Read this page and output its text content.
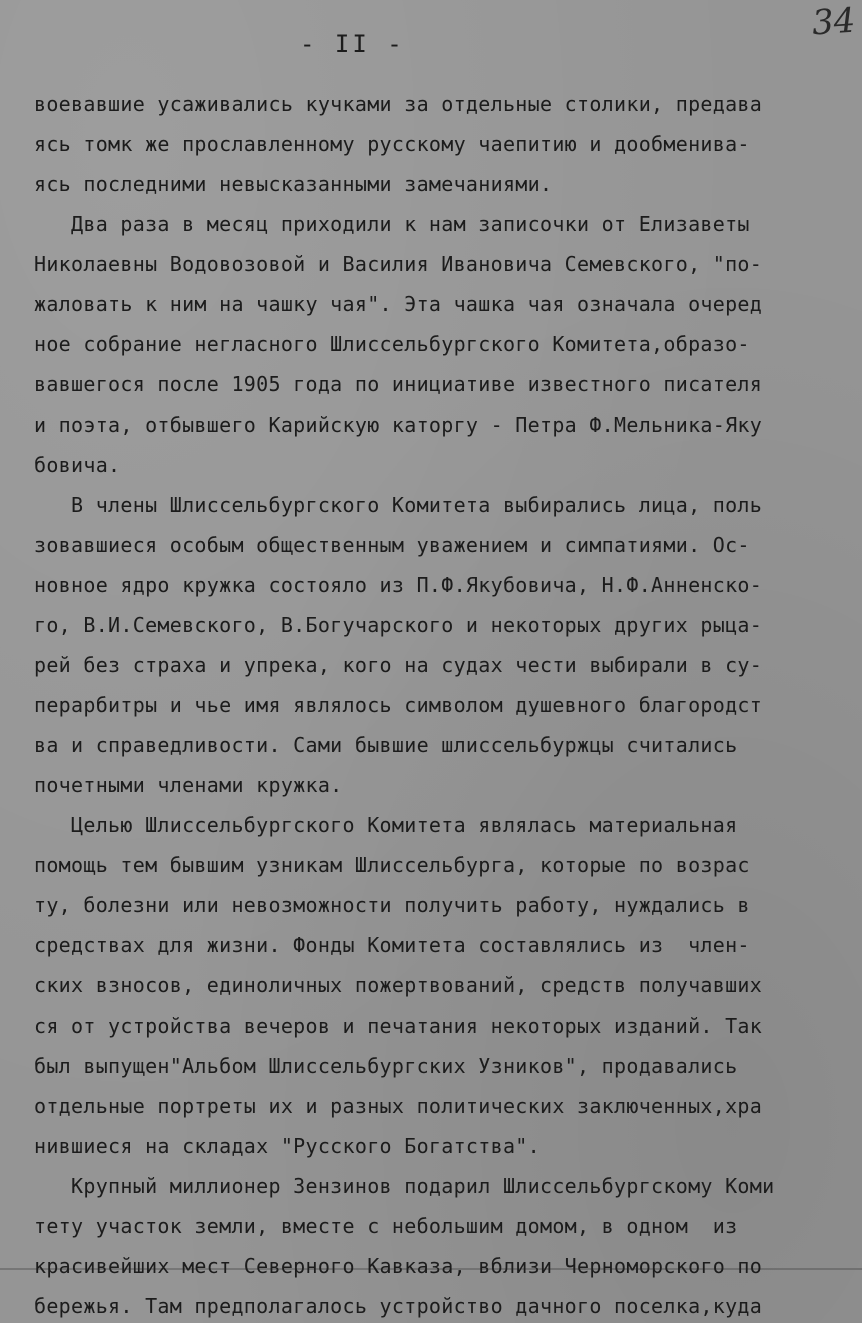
34
- II -
воевавшие усаживались кучками за отдельные столики, предава
ясь томк же прославленному русскому чаепитию и дообменива-
ясь последними невысказанными замечаниями.
Два раза в месяц приходили к нам записочки от Елизаветы
Николаевны Водовозовой и Василия Ивановича Семевского, "по-
жаловать к ним на чашку чая". Эта чашка чая означала очеред
ное собрание негласного Шлиссельбургского Комитета,образо-
вавшегося после 1905 года по инициативе известного писателя
и поэта, отбывшего Карийскую каторгу - Петра Ф.Мельника-Яку
бовича.
В члены Шлиссельбургского Комитета выбирались лица, поль
зовавшиеся особым общественным уважением и симпатиями. Ос-
новное ядро кружка состояло из П.Ф.Якубовича, Н.Ф.Анненско-
го, В.И.Семевского, В.Богучарского и некоторых других рыца-
рей без страха и упрека, кого на судах чести выбирали в су-
перарбитры и чье имя являлось символом душевного благородст
ва и справедливости. Сами бывшие шлиссельбуржцы считались
почетными членами кружка.
Целью Шлиссельбургского Комитета являлась материальная
помощь тем бывшим узникам Шлиссельбурга, которые по возрас
ту, болезни или невозможности получить работу, нуждались в
средствах для жизни. Фонды Комитета составлялись из  член-
ских взносов, единоличных пожертвований, средств получавших
ся от устройства вечеров и печатания некоторых изданий. Так
был выпущен"Альбом Шлиссельбургских Узников", продавались
отдельные портреты их и разных политических заключенных,хра
нившиеся на складах "Русского Богатства".
Крупный миллионер Зензинов подарил Шлиссельбургскому Коми
тету участок земли, вместе с небольшим домом, в одном  из
красивейших мест Северного Кавказа, вблизи Черноморского по
бережья. Там предполагалось устройство дачного поселка,куда
